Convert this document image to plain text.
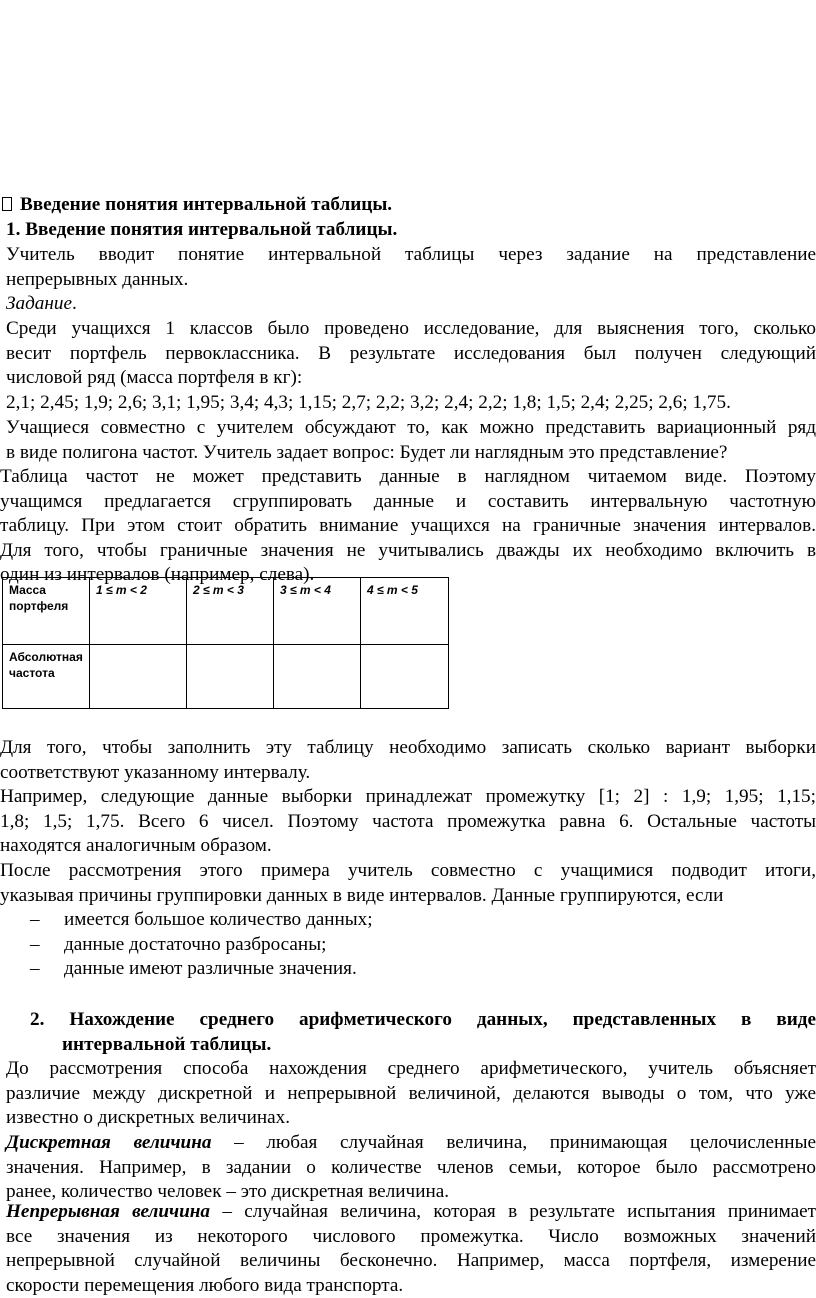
Введение понятия интервальной таблицы.
1. Введение понятия интервальной таблицы.
Учитель вводит понятие интервальной таблицы через задание на представление
непрерывных данных.
Задание.
Среди учащихся 1 классов было проведено исследование, для выяснения того, сколько
весит портфель первоклассника. В результате исследования был получен следующий
числовой ряд (масса портфеля в кг):
2,1; 2,45; 1,9; 2,6; 3,1; 1,95; 3,4; 4,3; 1,15; 2,7; 2,2; 3,2; 2,4; 2,2; 1,8; 1,5; 2,4; 2,25; 2,6; 1,75.
Учащиеся совместно с учителем обсуждают то, как можно представить вариационный ряд
в виде полигона частот. Учитель задает вопрос: Будет ли наглядным это представление?
Таблица частот не может представить данные в наглядном читаемом виде. Поэтому
учащимся предлагается сгруппировать данные и составить интервальную частотную
таблицу. При этом стоит обратить внимание учащихся на граничные значения интервалов.
Для того, чтобы граничные значения не учитывались дважды их необходимо включить в
один из интервалов (например, слева).
Масса портфеля	1 ≤ m < 2	2 ≤ m < 3	3 ≤ m < 4	4 ≤ m < 5
Абсолютная частота				
Для того, чтобы заполнить эту таблицу необходимо записать сколько вариант выборки
соответствуют указанному интервалу.
Например, следующие данные выборки принадлежат промежутку [1; 2] : 1,9; 1,95; 1,15;
1,8; 1,5; 1,75. Всего 6 чисел. Поэтому частота промежутка равна 6. Остальные частоты
находятся аналогичным образом.
После рассмотрения этого примера учитель совместно с учащимися подводит итоги,
указывая причины группировки данных в виде интервалов. Данные группируются, если
– имеется большое количество данных;
– данные достаточно разбросаны;
– данные имеют различные значения.
2. Нахождение среднего арифметического данных, представленных в виде
интервальной таблицы.
До рассмотрения способа нахождения среднего арифметического, учитель объясняет
различие между дискретной и непрерывной величиной, делаются выводы о том, что уже
известно о дискретных величинах.
Дискретная величина – любая случайная величина, принимающая целочисленные
значения. Например, в задании о количестве членов семьи, которое было рассмотрено
ранее, количество человек – это дискретная величина.
Непрерывная величина – случайная величина, которая в результате испытания принимает
все значения из некоторого числового промежутка. Число возможных значений
непрерывной случайной величины бесконечно. Например, масса портфеля, измерение
скорости перемещения любого вида транспорта.
